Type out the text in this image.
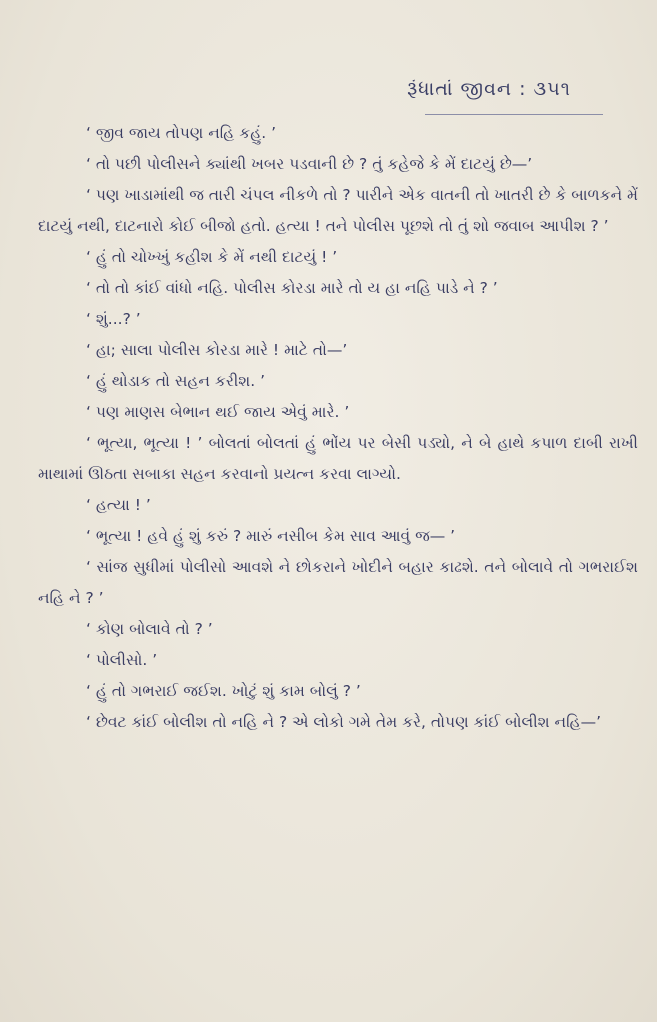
રૂંધાતાં જીવન : ૩૫૧

‘ જીવ જાય તોપણ નહિ કહું. ’

‘ તો પછી પોલીસને ક્યાંથી ખબર પડવાની છે ? તું કહેજે કે મેં દાટયું છે—’

‘ પણ ખાડામાંથી જ તારી ચંપલ નીકળે તો ? પારીને એક વાતની તો ખાતરી છે કે બાળકને મેં દાટયું નથી, દાટનારો કોઈ બીજો હતો. હત્યા ! તને પોલીસ પૂછશે તો તું શો જવાબ આપીશ ? ’

‘ હું તો ચોખ્ખું કહીશ કે મેં નથી દાટયું ! ’

‘ તો તો કાંઈ વાંધો નહિ. પોલીસ કોરડા મારે તો ય હા નહિ પાડે ને ? ’

‘ શું...? ’

‘ હા; સાલા પોલીસ કોરડા મારે ! માટે તો—’

‘ હું થોડાક તો સહન કરીશ. ’

‘ પણ માણસ બેભાન થઈ જાય એવું મારે. ’

‘ ભૂત્યા, ભૂત્યા ! ’ બોલતાં બોલતાં હું ભોંય પર બેસી પડ્યો, ને બે હાથે કપાળ દાબી રાખી માથામાં ઊઠતા સબાકા સહન કરવાનો પ્રયત્ન કરવા લાગ્યો.

‘ હત્યા ! ’

‘ ભૂત્યા ! હવે હું શું કરું ? મારું નસીબ કેમ સાવ આવું જ— ’

‘ સાંજ સુધીમાં પોલીસો આવશે ને છોકરાને ખોદીને બહાર કાઢશે. તને બોલાવે તો ગભરાઈશ નહિ ને ? ’

‘ કોણ બોલાવે તો ? ’

‘ પોલીસો. ’

‘ હું તો ગભરાઈ જઈશ. ખોટું શું કામ બોલું ? ’

‘ છેવટ કાંઈ બોલીશ તો નહિ ને ? એ લોકો ગમે તેમ કરે, તોપણ કાંઈ બોલીશ નહિ—’
